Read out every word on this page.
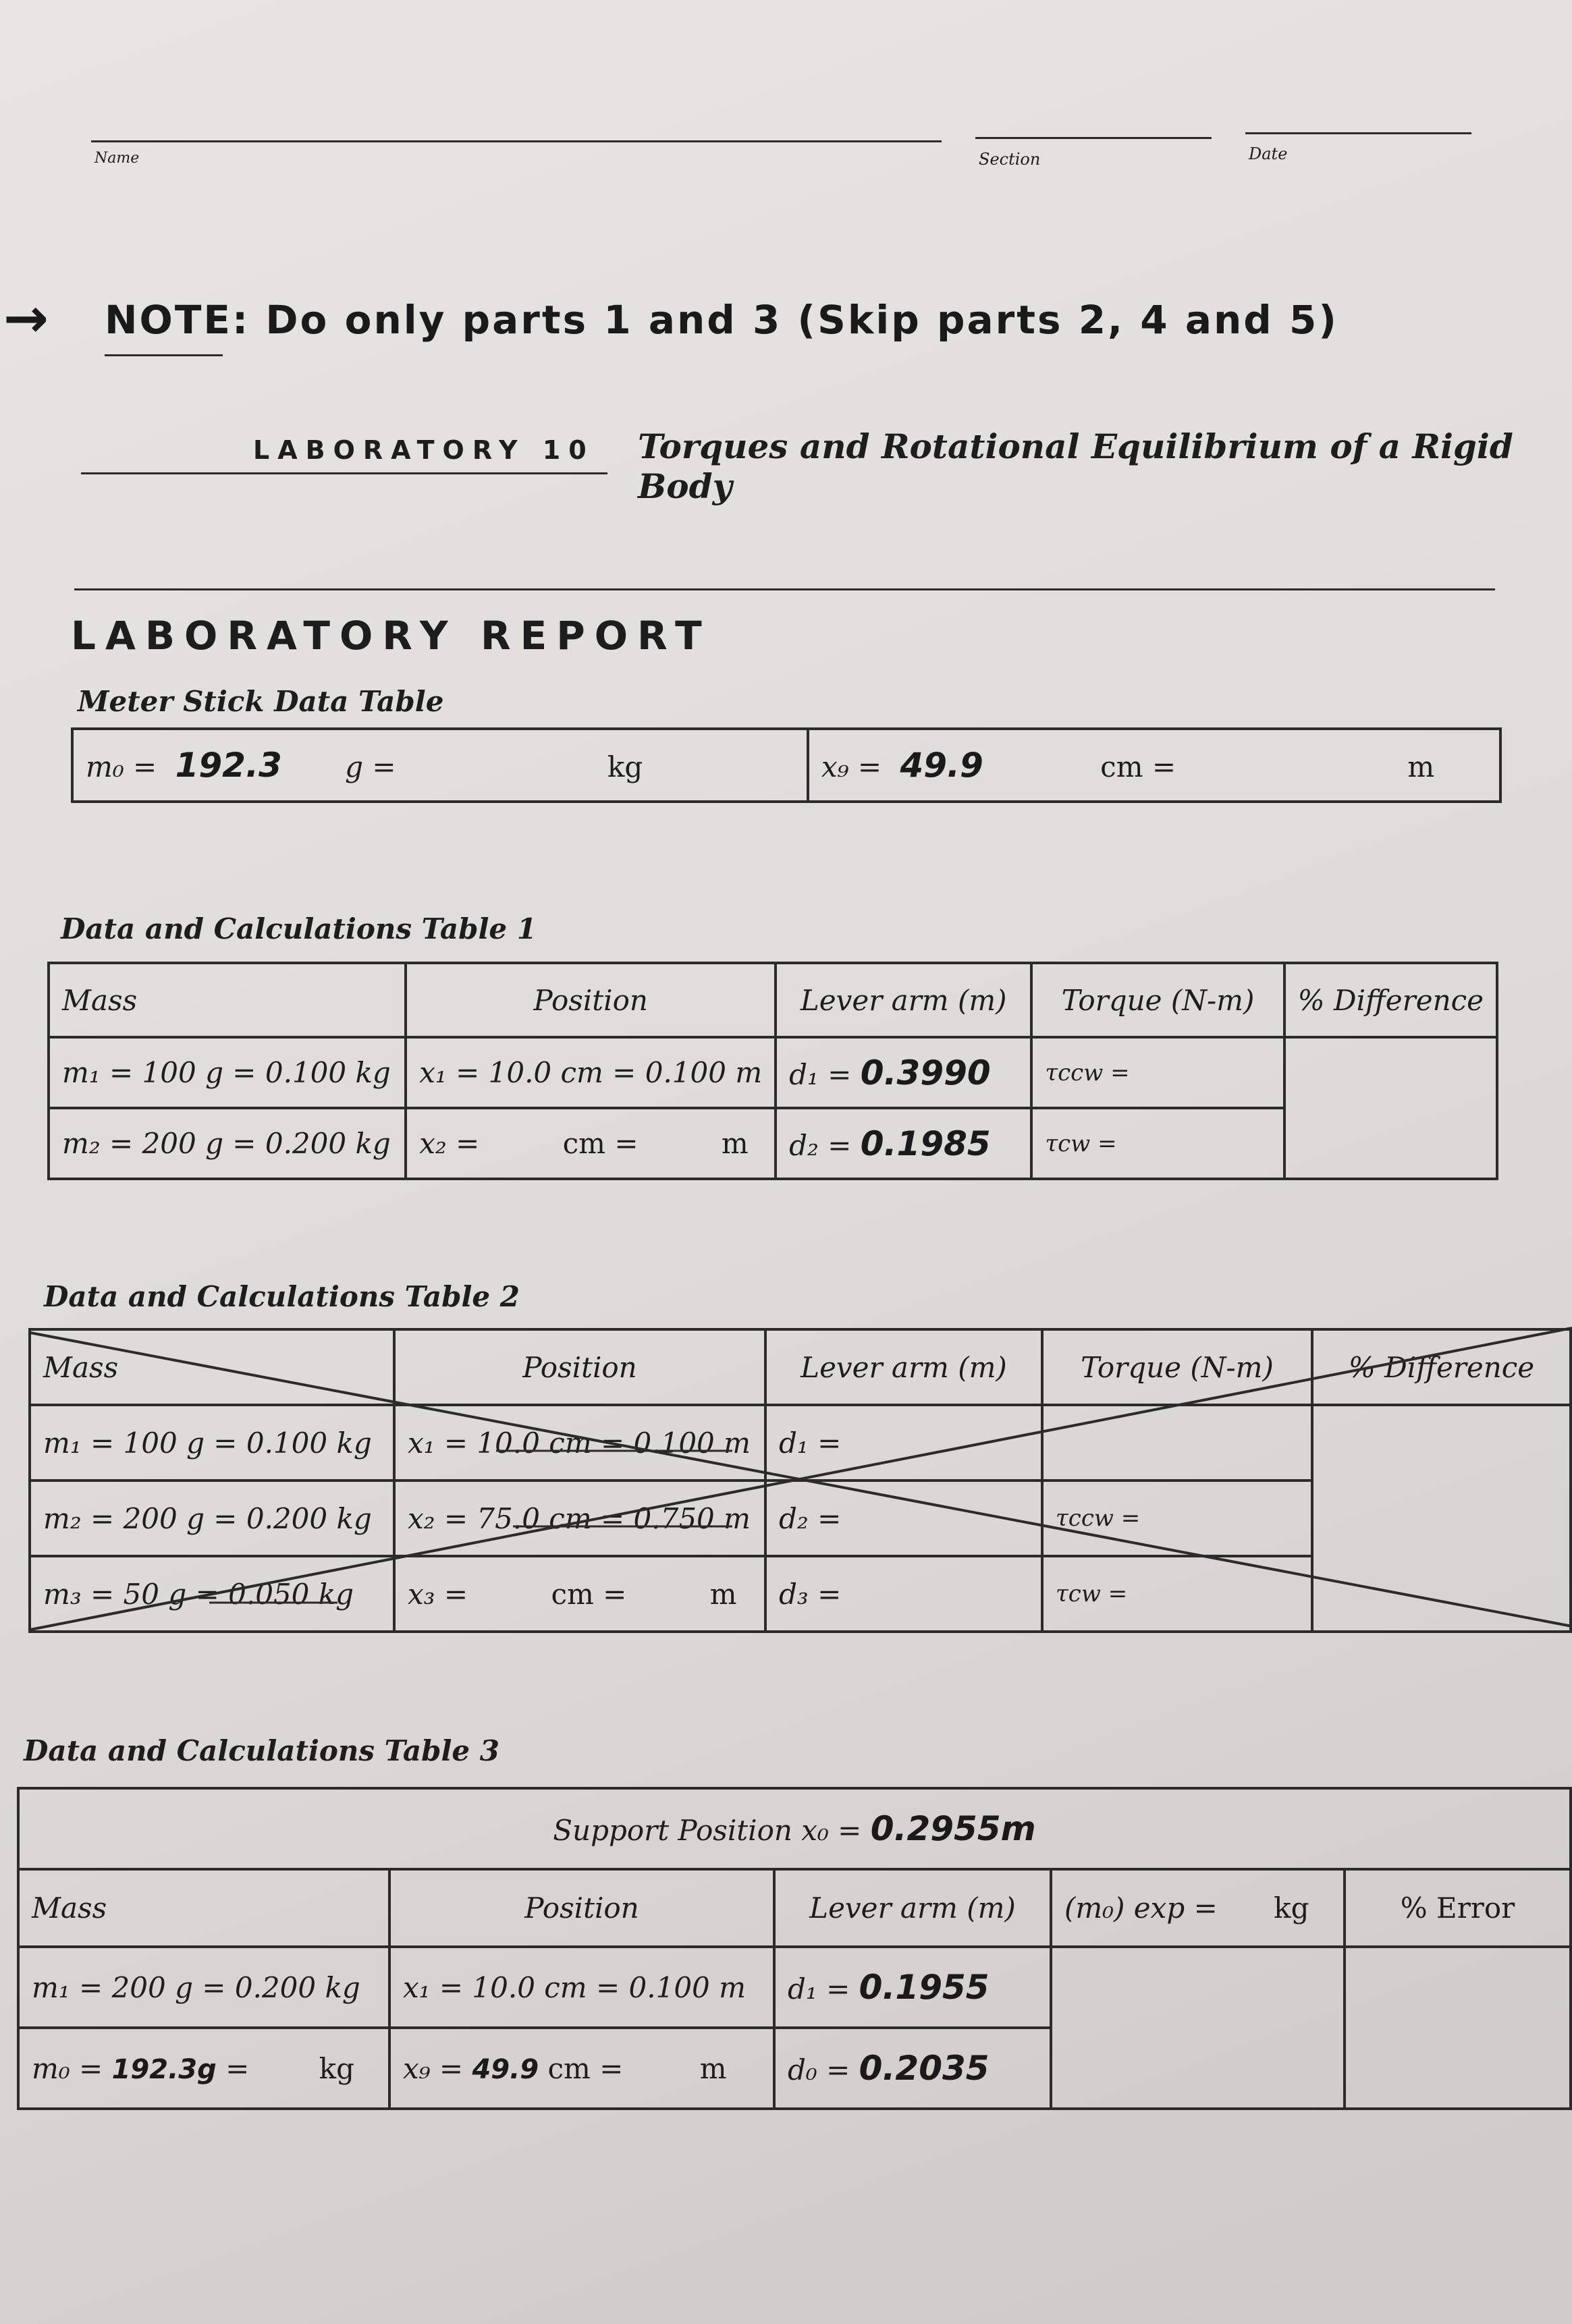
Name	Section	Date
→ NOTE: Do only parts 1 and 3 (Skip parts 2, 4 and 5)
LABORATORY 10 Torques and Rotational Equilibrium of a Rigid Body
LABORATORY REPORT
Meter Stick Data Table
m₀ = 192.3 g =	kg	x₉ = 49.9	cm =	m
Data and Calculations Table 1
Mass	Position	Lever arm (m)	Torque (N-m)	% Difference
m₁ = 100 g = 0.100 kg	x₁ = 10.0 cm = 0.100 m	d₁ = 0.3990	τccw =	
m₂ = 200 g = 0.200 kg	x₂ = cm = m	d₂ = 0.1985	τcw =	
Data and Calculations Table 2
Mass	Position	Lever arm (m)	Torque (N-m)	% Difference
m₁ = 100 g = 0.100 kg	x₁ = 10.0 cm = 0.100 m	d₁ =		
m₂ = 200 g = 0.200 kg	x₂ = 75.0 cm = 0.750 m	d₂ =	τccw =	
m₃ = 50 g = 0.050 kg	x₃ = cm = m	d₃ =	τcw =	
Data and Calculations Table 3
Support Position x₀ = 0.2955m				
Mass	Position	Lever arm (m)	(m₀) exp = kg	% Error
m₁ = 200 g = 0.200 kg	x₁ = 10.0 cm = 0.100 m	d₁ = 0.1955		
m₀ = 192.3g = kg	x₉ = 49.9 cm = m	d₀ = 0.2035		
